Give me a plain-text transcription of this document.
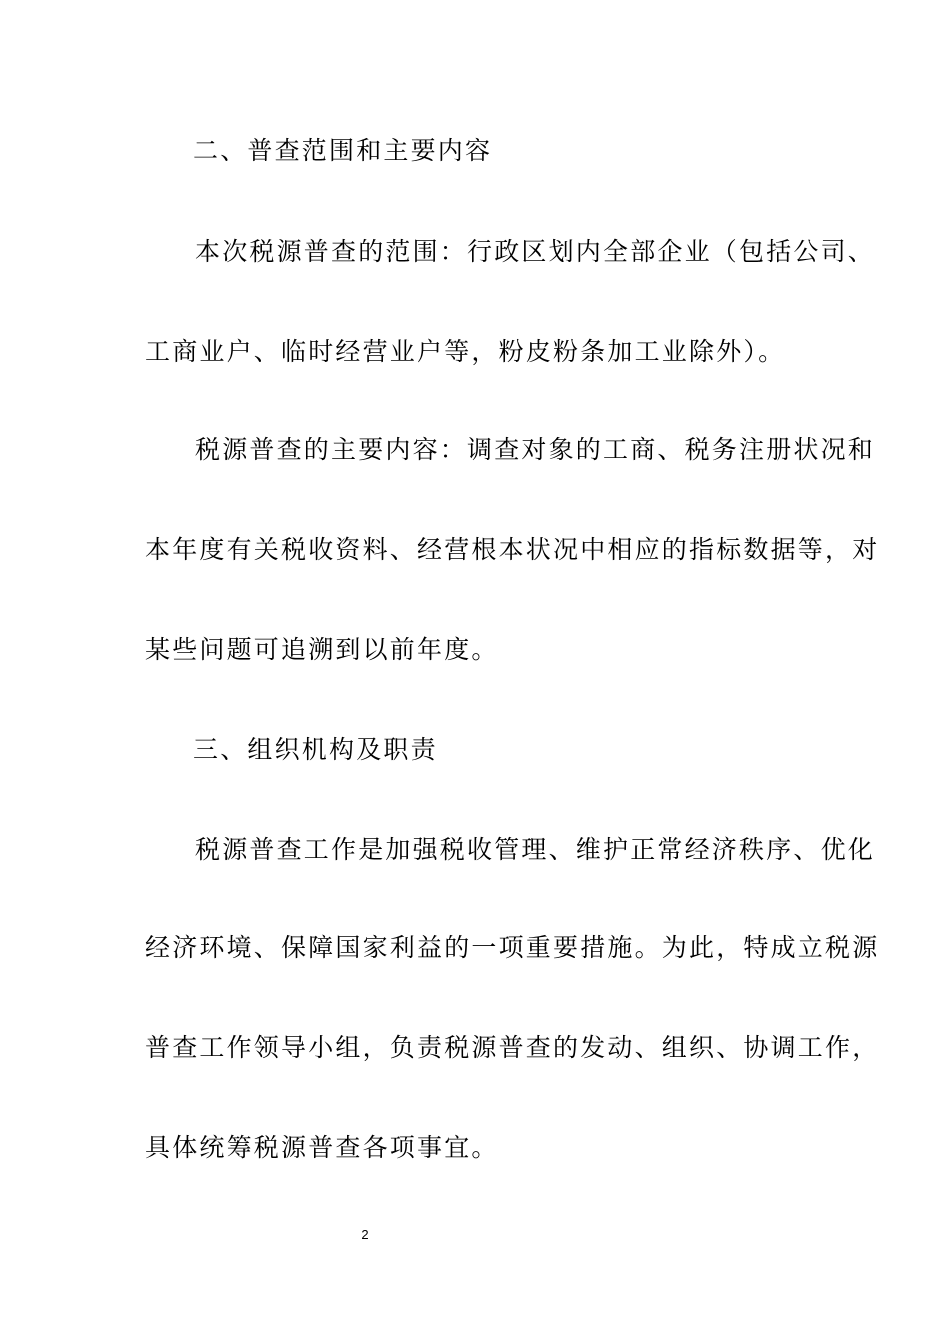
二、普查范围和主要内容
本次税源普查的范围：行政区划内全部企业（包括公司、
工商业户、临时经营业户等，粉皮粉条加工业除外）。
税源普查的主要内容：调查对象的工商、税务注册状况和
本年度有关税收资料、经营根本状况中相应的指标数据等，对
某些问题可追溯到以前年度。
三、组织机构及职责
税源普查工作是加强税收管理、维护正常经济秩序、优化
经济环境、保障国家利益的一项重要措施。为此，特成立税源
普查工作领导小组，负责税源普查的发动、组织、协调工作，
具体统筹税源普查各项事宜。
2
